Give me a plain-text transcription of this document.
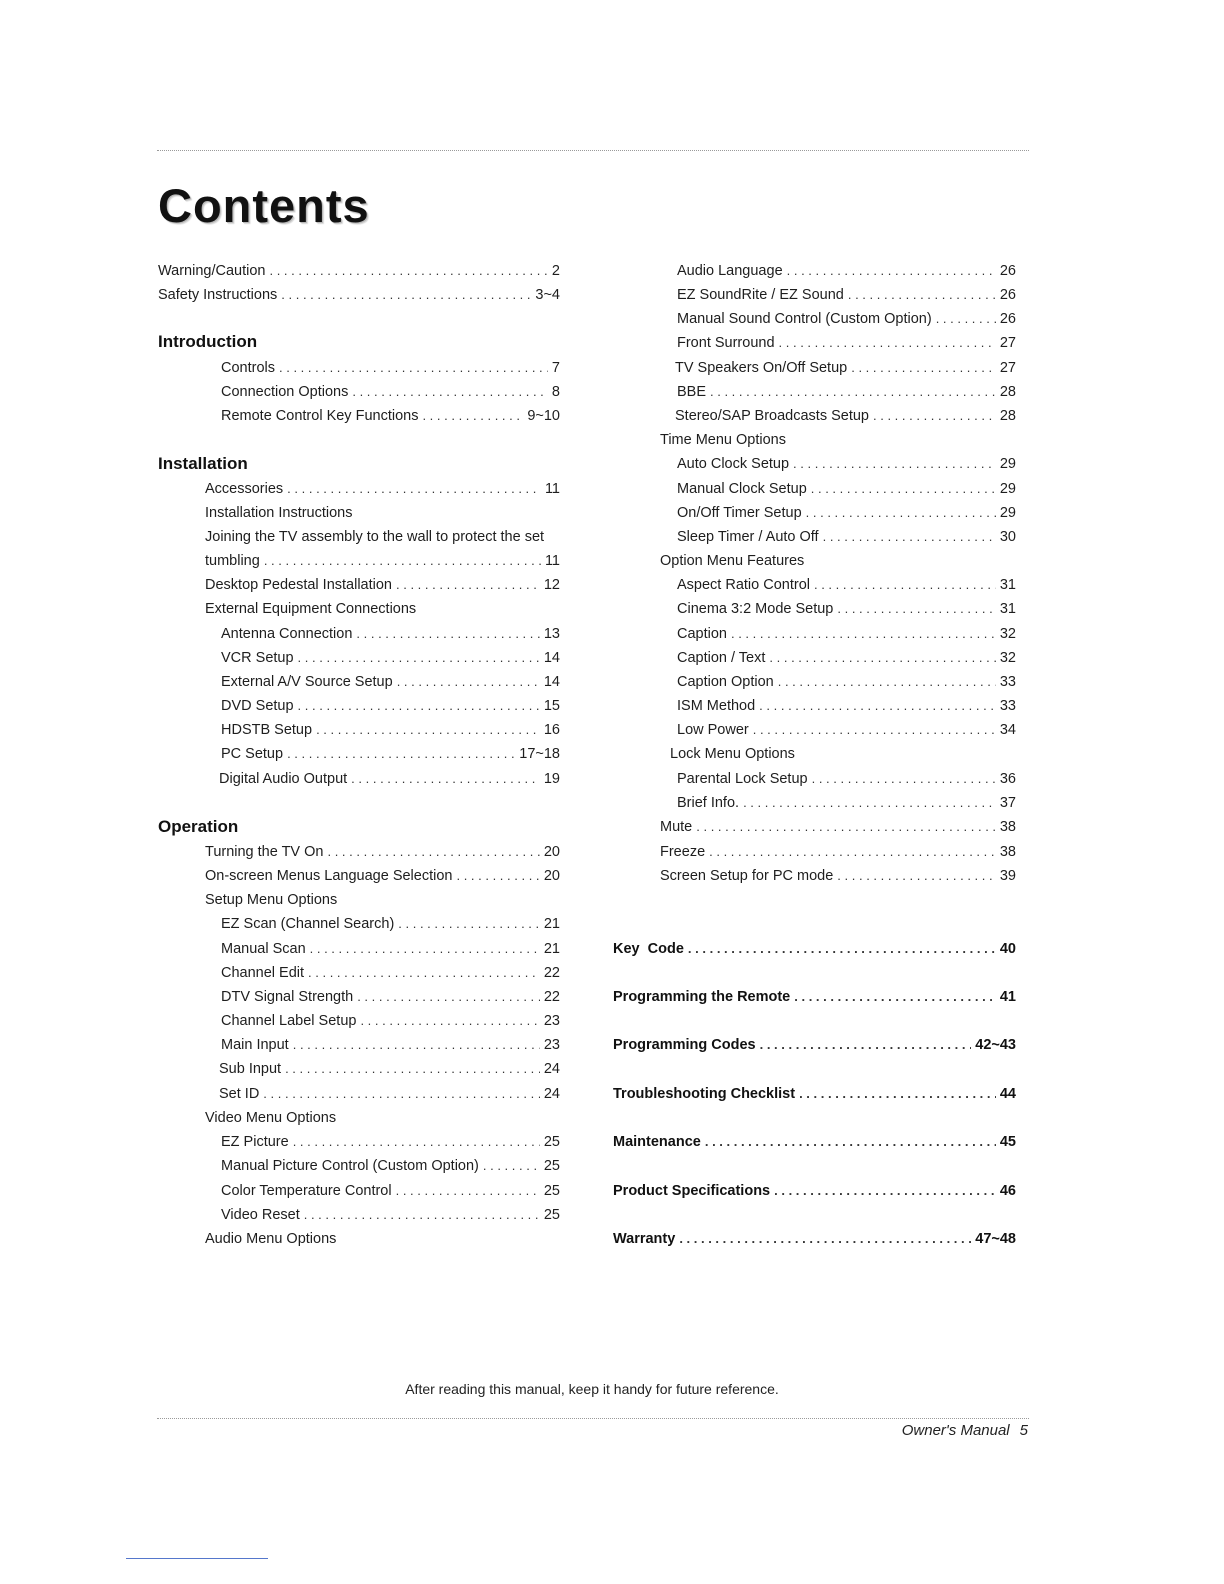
Contents
Warning/Caution . . .	2
Safety Instructions . . .	3~4
Introduction
Controls . . .	7
Connection Options . . .	8
Remote Control Key Functions . . .	9~10
Installation
Accessories . . .	11
Installation Instructions
Joining the TV assembly to the wall to protect the set
tumbling . . .	11
Desktop Pedestal Installation . . .	12
External Equipment Connections
Antenna Connection . . .	13
VCR Setup . . .	14
External A/V Source Setup . . .	14
DVD Setup . . .	15
HDSTB Setup . . .	16
PC Setup . . .	17~18
Digital Audio Output . . .	19
Operation
Turning the TV On . . .	20
On-screen Menus Language Selection . . .	20
Setup Menu Options
EZ Scan (Channel Search) . . .	21
Manual Scan . . .	21
Channel Edit . . .	22
DTV Signal Strength . . .	22
Channel Label Setup . . .	23
Main Input . . .	23
Sub Input . . .	24
Set ID . . .	24
Video Menu Options
EZ Picture . . .	25
Manual Picture Control (Custom Option) . . .	25
Color Temperature Control . . .	25
Video Reset . . .	25
Audio Menu Options
Audio Language . . .	26
EZ SoundRite / EZ Sound . . .	26
Manual Sound Control (Custom Option) . . .	26
Front Surround . . .	27
TV Speakers On/Off Setup . . .	27
BBE . . .	28
Stereo/SAP Broadcasts Setup . . .	28
Time Menu Options
Auto Clock Setup . . .	29
Manual Clock Setup . . .	29
On/Off Timer Setup . . .	29
Sleep Timer / Auto Off . . .	30
Option Menu Features
Aspect Ratio Control . . .	31
Cinema 3:2 Mode Setup . . .	31
Caption . . .	32
Caption / Text . . .	32
Caption Option . . .	33
ISM Method . . .	33
Low Power . . .	34
Lock Menu Options
Parental Lock Setup . . .	36
Brief Info. . . .	37
Mute . . .	38
Freeze . . .	38
Screen Setup for PC mode . . .	39
Key  Code . . .	40
Programming the Remote . . .	41
Programming Codes . . .	42~43
Troubleshooting Checklist . . .	44
Maintenance . . .	45
Product Specifications . . .	46
Warranty . . .	47~48
After reading this manual, keep it handy for future reference.
Owner's Manual 5
